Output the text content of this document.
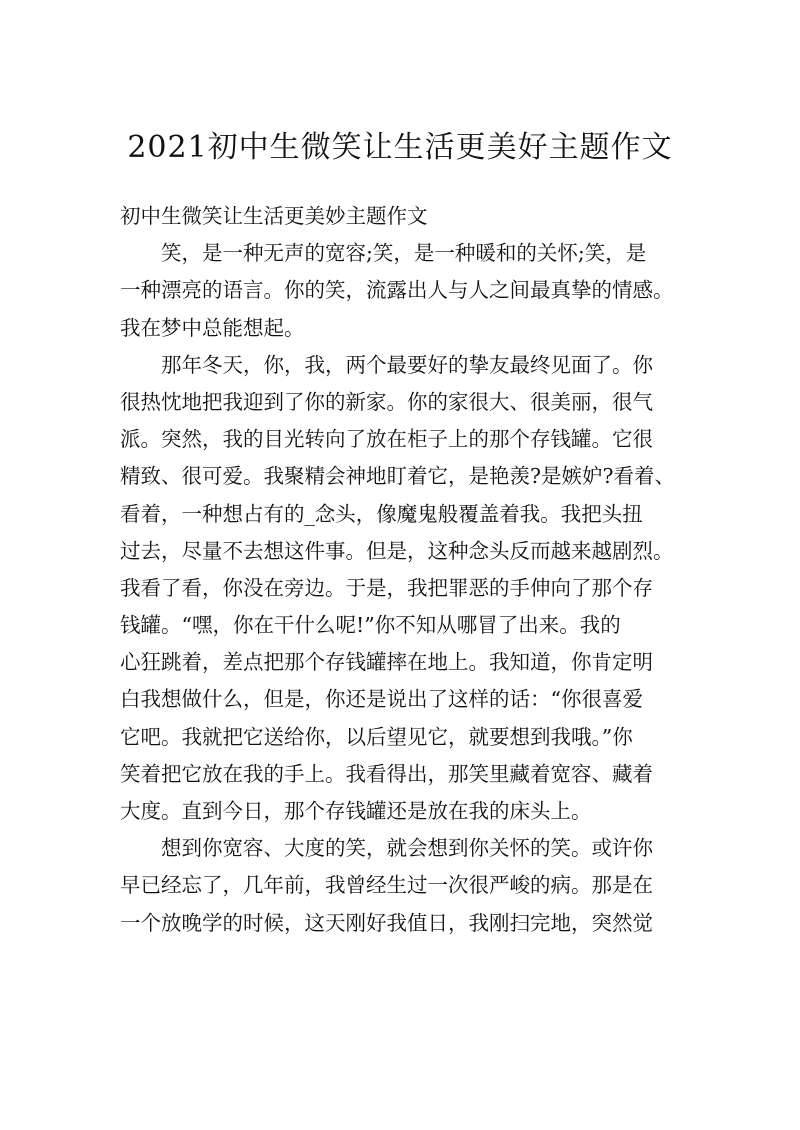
2021初中生微笑让生活更美好主题作文
初中生微笑让生活更美妙主题作文
笑，是一种无声的宽容;笑，是一种暖和的关怀;笑，是
一种漂亮的语言。你的笑，流露出人与人之间最真挚的情感。
我在梦中总能想起。
那年冬天，你，我，两个最要好的挚友最终见面了。你
很热忱地把我迎到了你的新家。你的家很大、很美丽，很气
派。突然，我的目光转向了放在柜子上的那个存钱罐。它很
精致、很可爱。我聚精会神地盯着它，是艳羡?是嫉妒?看着、
看着，一种想占有的_念头，像魔鬼般覆盖着我。我把头扭
过去，尽量不去想这件事。但是，这种念头反而越来越剧烈。
我看了看，你没在旁边。于是，我把罪恶的手伸向了那个存
钱罐。“嘿，你在干什么呢!”你不知从哪冒了出来。我的
心狂跳着，差点把那个存钱罐摔在地上。我知道，你肯定明
白我想做什么，但是，你还是说出了这样的话：“你很喜爱
它吧。我就把它送给你，以后望见它，就要想到我哦。”你
笑着把它放在我的手上。我看得出，那笑里藏着宽容、藏着
大度。直到今日，那个存钱罐还是放在我的床头上。
想到你宽容、大度的笑，就会想到你关怀的笑。或许你
早已经忘了，几年前，我曾经生过一次很严峻的病。那是在
一个放晚学的时候，这天刚好我值日，我刚扫完地，突然觉
